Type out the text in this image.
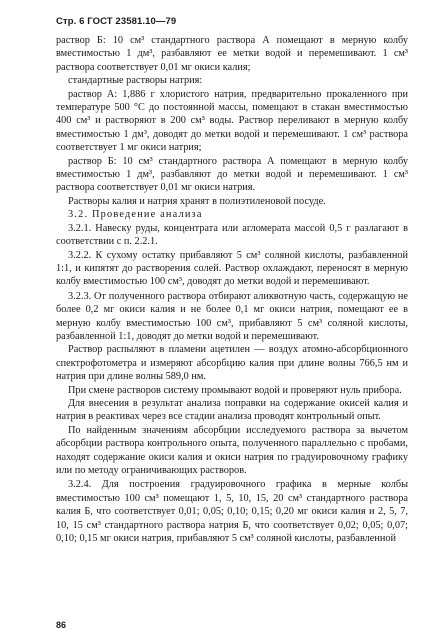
Стр. 6 ГОСТ 23581.10—79

раствор Б: 10 см³ стандартного раствора А помещают в мерную колбу вместимостью 1 дм³, разбавляют ее метки водой и перемешивают. 1 см³ раствора соответствует 0,01 мг окиси калия;

стандартные растворы натрия:

раствор А: 1,886 г хлористого натрия, предварительно прокаленного при температуре 500 °С до постоянной массы, помещают в стакан вместимостью 400 см³ и растворяют в 200 см³ воды. Раствор переливают в мерную колбу вместимостью 1 дм³, доводят до метки водой и перемешивают. 1 см³ раствора соответствует 1 мг окиси натрия;

раствор Б: 10 см³ стандартного раствора А помещают в мерную колбу вместимостью 1 дм³, разбавляют до метки водой и перемешивают. 1 см³ раствора соответствует 0,01 мг окиси натрия.

Растворы калия и натрия хранят в полиэтиленовой посуде.

3.2. Проведение анализа

3.2.1. Навеску руды, концентрата или агломерата массой 0,5 г разлагают в соответствии с п. 2.2.1.

3.2.2. К сухому остатку прибавляют 5 см³ соляной кислоты, разбавленной 1:1, и кипятят до растворения солей. Раствор охлаждают, переносят в мерную колбу вместимостью 100 см³, доводят до метки водой и перемешивают.

3.2.3. От полученного раствора отбирают аликвотную часть, содержащую не более 0,2 мг окиси калия и не более 0,1 мг окиси натрия, помещают ее в мерную колбу вместимостью 100 см³, прибавляют 5 см³ соляной кислоты, разбавленной 1:1, доводят до метки водой и перемешивают.

Раствор распыляют в пламени ацетилен — воздух атомно-абсорбционного спектрофотометра и измеряют абсорбцию калия при длине волны 766,5 нм и натрия при длине волны 589,0 нм.

При смене растворов систему промывают водой и проверяют нуль прибора.

Для внесения в результат анализа поправки на содержание окисей калия и натрия в реактивах через все стадии анализа проводят контрольный опыт.

По найденным значениям абсорбции исследуемого раствора за вычетом абсорбции раствора контрольного опыта, полученного параллельно с пробами, находят содержание окиси калия и окиси натрия по градуировочному графику или по методу ограничивающих растворов.

3.2.4. Для построения градуировочного графика в мерные колбы вместимостью 100 см³ помещают 1, 5, 10, 15, 20 см³ стандартного раствора калия Б, что соответствует 0,01; 0,05; 0,10; 0,15; 0,20 мг окиси калия и 2, 5, 7, 10, 15 см³ стандартного раствора натрия Б, что соответствует 0,02; 0,05; 0,07; 0,10; 0,15 мг окиси натрия, прибавляют 5 см³ соляной кислоты, разбавленной

86
